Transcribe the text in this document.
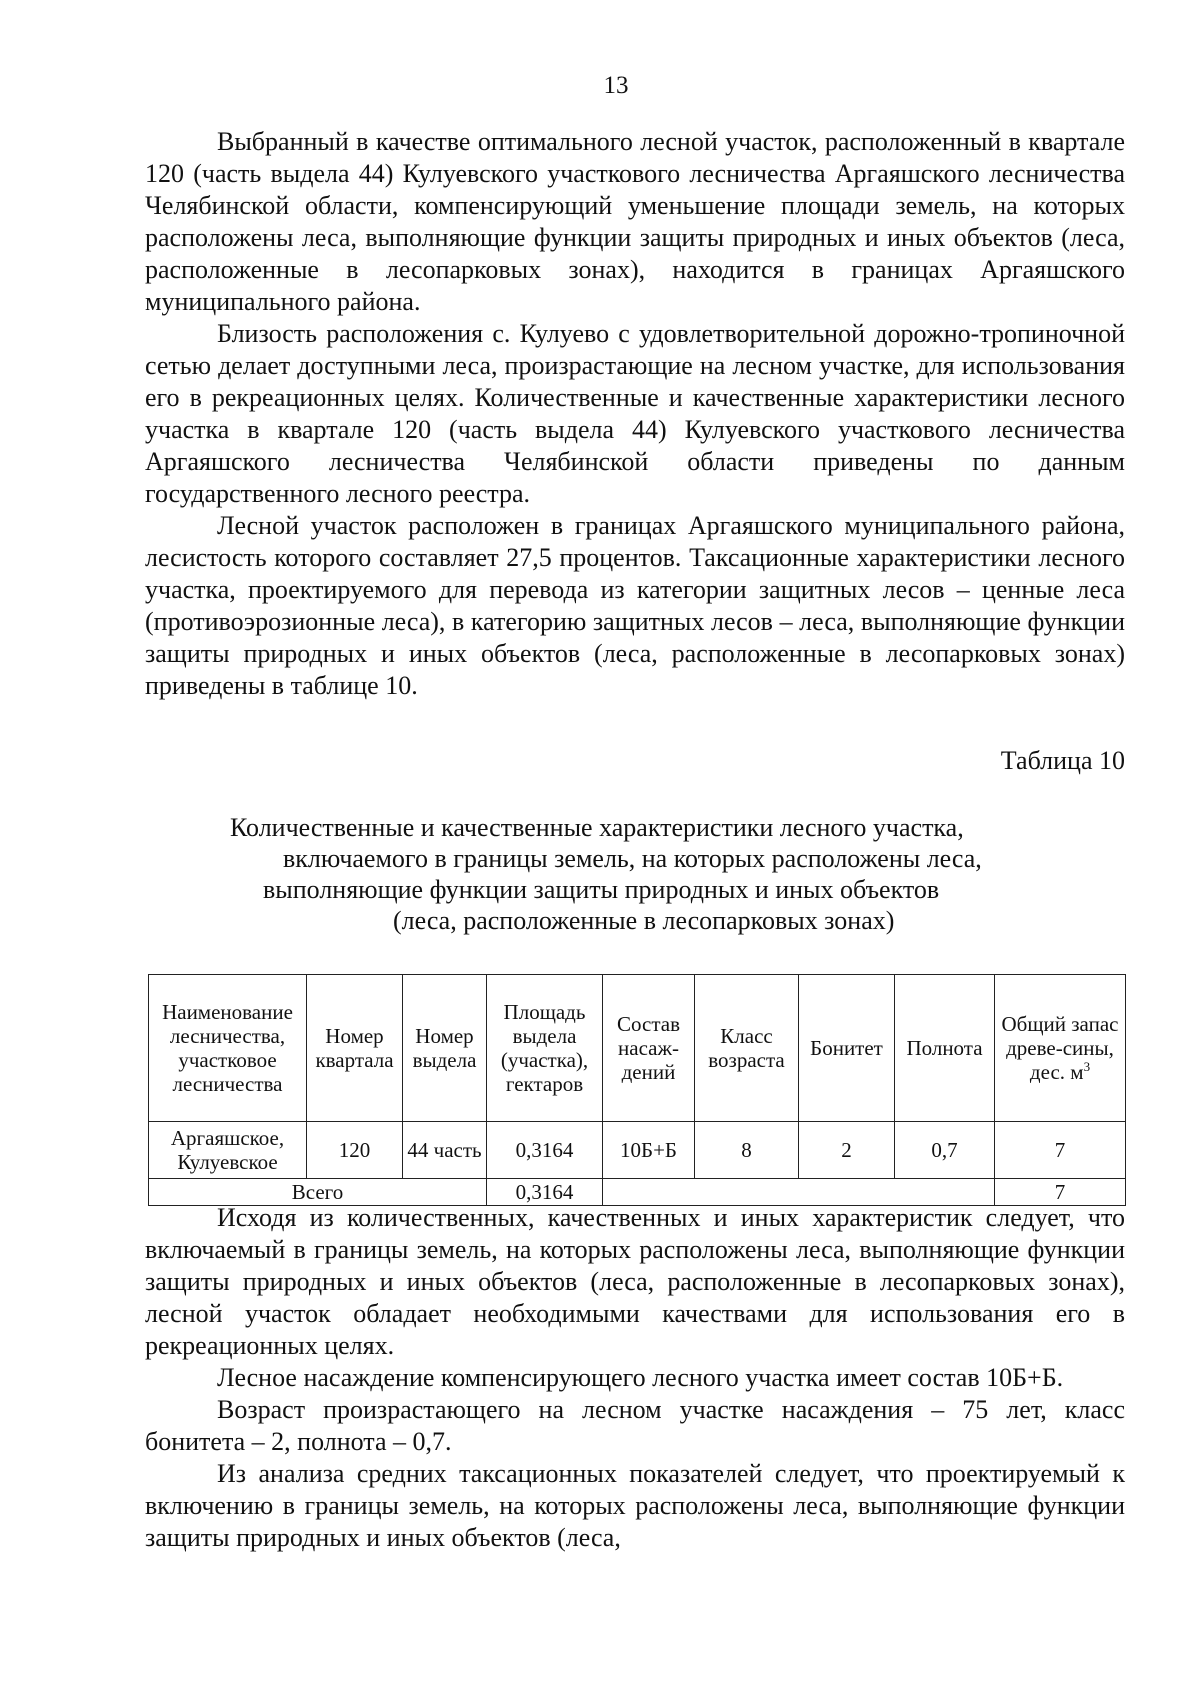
13

Выбранный в качестве оптимального лесной участок, расположенный в квартале 120 (часть выдела 44) Кулуевского участкового лесничества Аргаяшского лесничества Челябинской области, компенсирующий уменьшение площади земель, на которых расположены леса, выполняющие функции защиты природных и иных объектов (леса, расположенные в лесопарковых зонах), находится в границах Аргаяшского муниципального района.

Близость расположения с. Кулуево с удовлетворительной дорожно-тропиночной сетью делает доступными леса, произрастающие на лесном участке, для использования его в рекреационных целях. Количественные и качественные характеристики лесного участка в квартале 120 (часть выдела 44) Кулуевского участкового лесничества Аргаяшского лесничества Челябинской области приведены по данным государственного лесного реестра.

Лесной участок расположен в границах Аргаяшского муниципального района, лесистость которого составляет 27,5 процентов. Таксационные характеристики лесного участка, проектируемого для перевода из категории защитных лесов – ценные леса (противоэрозионные леса), в категорию защитных лесов – леса, выполняющие функции защиты природных и иных объектов (леса, расположенные в лесопарковых зонах) приведены в таблице 10.

Таблица 10
Количественные и качественные характеристики лесного участка,
включаемого в границы земель, на которых расположены леса,
выполняющие функции защиты природных и иных объектов
(леса, расположенные в лесопарковых зонах)
Наименование лесничества, участковое лесничества	Номер квартала	Номер выдела	Площадь выдела (участка), гектаров	Состав насаж-дений	Класс возраста	Бонитет	Полнота	Общий запас древе-сины, дес. $м^3$
Аргаяшское, Кулуевское	120	44 часть	0,3164	10Б+Б	8	2	0,7	7
Всего			0,3164					7

Исходя из количественных, качественных и иных характеристик следует, что включаемый в границы земель, на которых расположены леса, выполняющие функции защиты природных и иных объектов (леса, расположенные в лесопарковых зонах), лесной участок обладает необходимыми качествами для использования его в рекреационных целях.

Лесное насаждение компенсирующего лесного участка имеет состав 10Б+Б.

Возраст произрастающего на лесном участке насаждения – 75 лет, класс бонитета – 2, полнота – 0,7.

Из анализа средних таксационных показателей следует, что проектируемый к включению в границы земель, на которых расположены леса, выполняющие функции защиты природных и иных объектов (леса,
